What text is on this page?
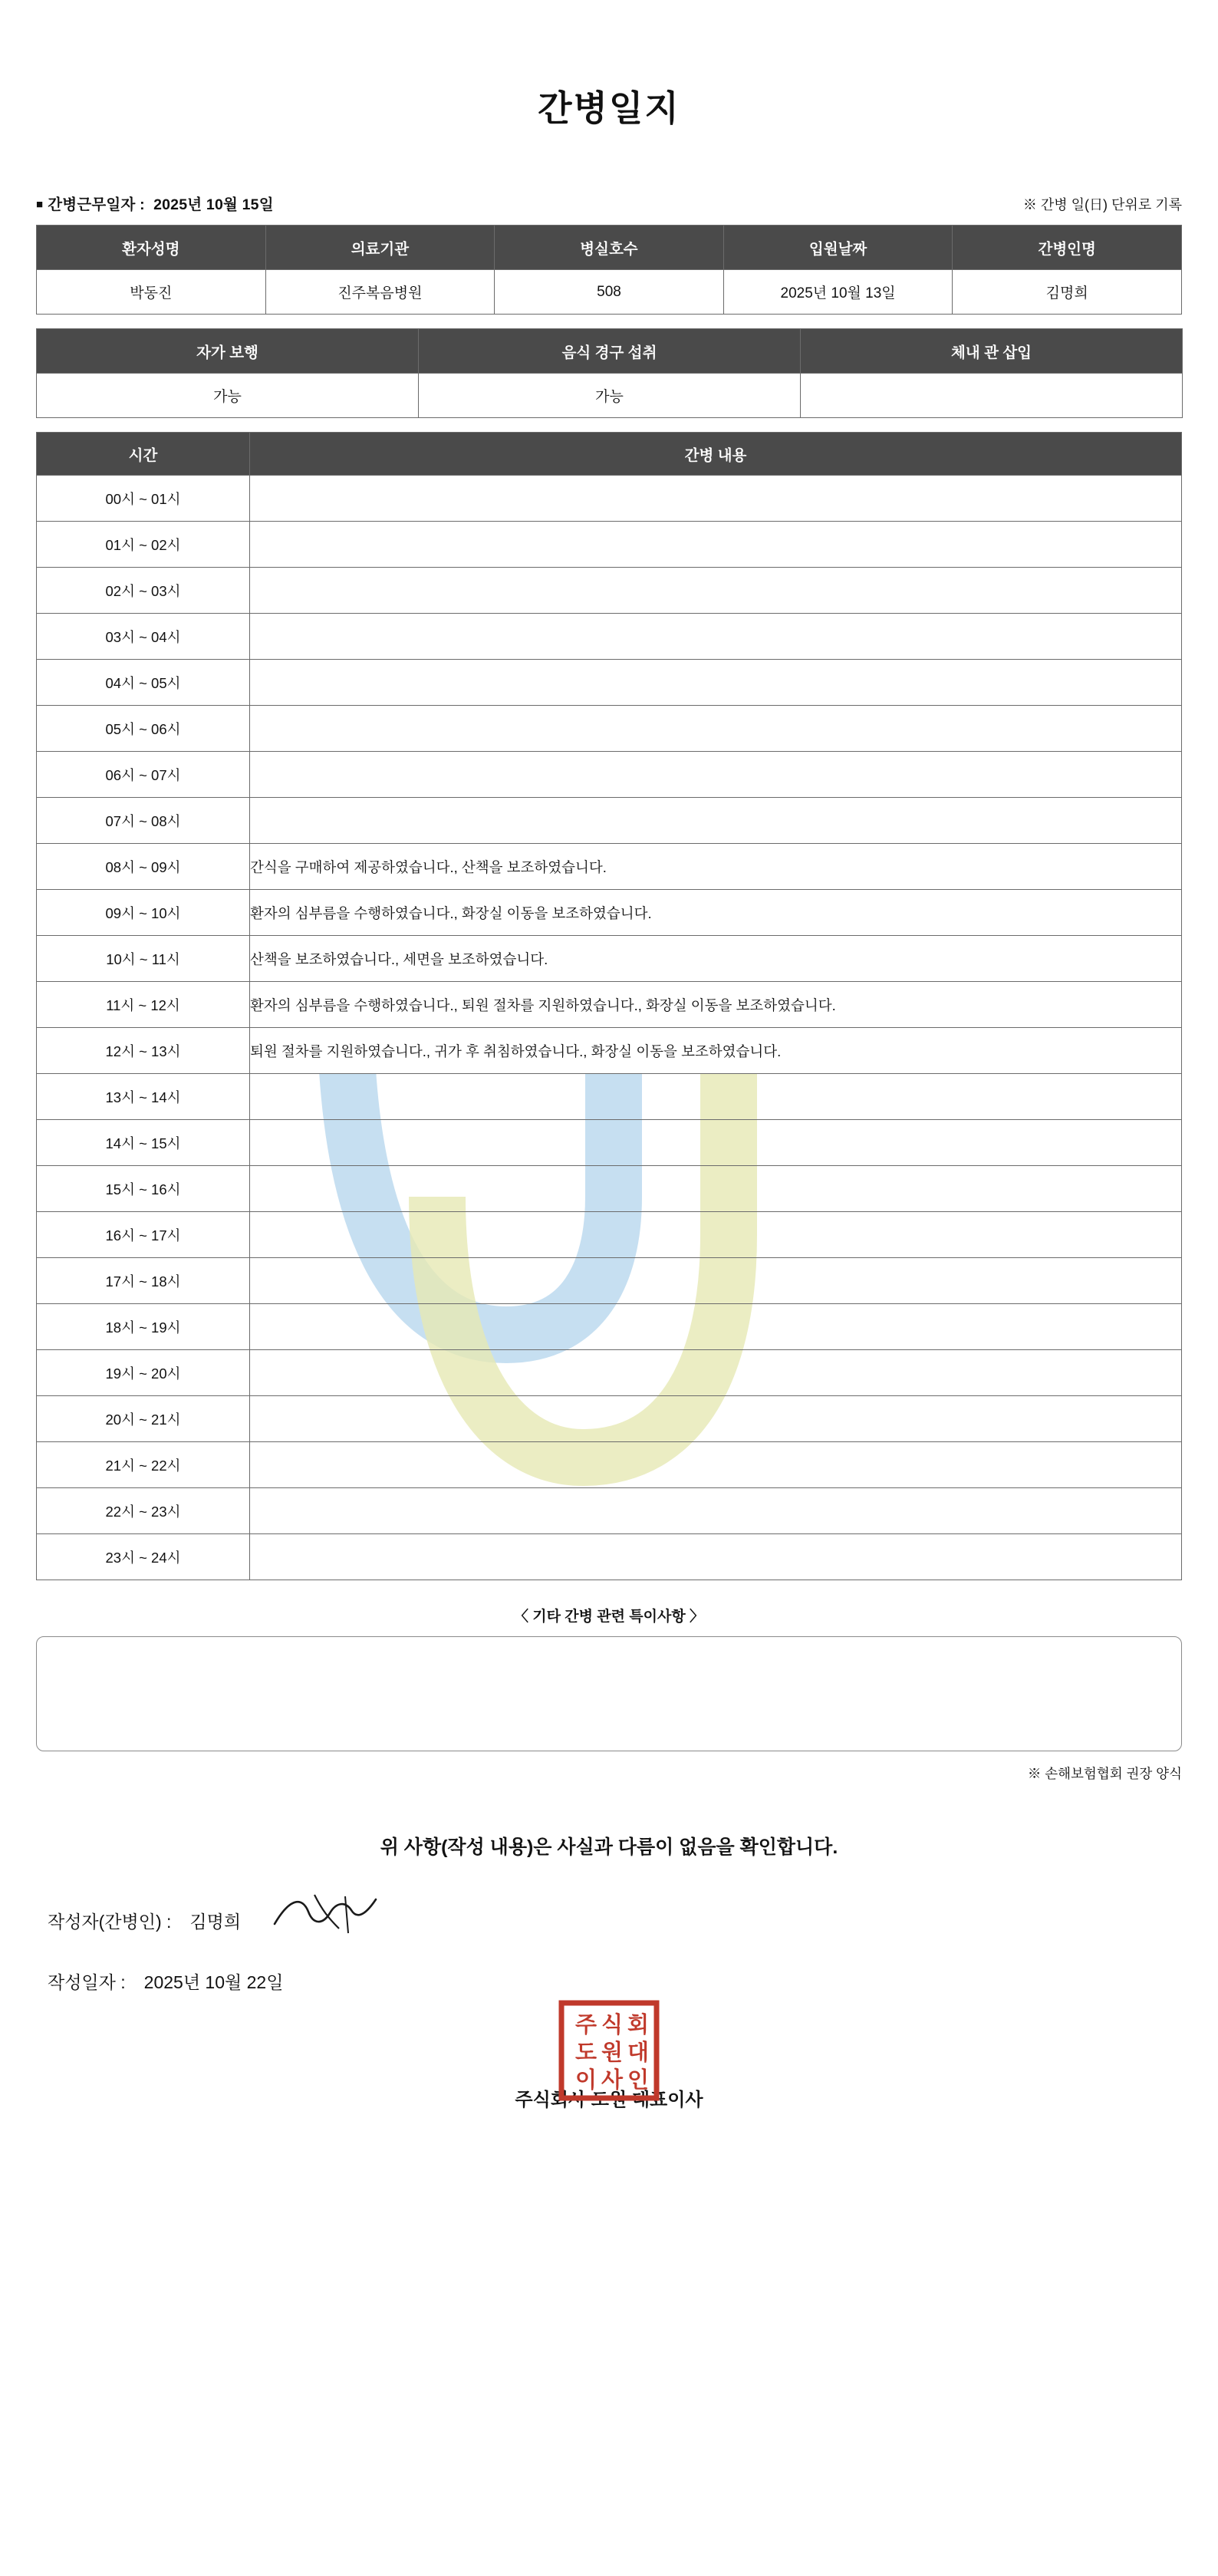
간병일지
■ 간병근무일자 : 2025년 10월 15일	※ 간병 일(日) 단위로 기록
환자성명	의료기관	병실호수	입원날짜	간병인명
박동진	진주복음병원	508	2025년 10월 13일	김명희
자가 보행	음식 경구 섭취	체내 관 삽입
가능	가능	
시간	간병 내용
00시 ~ 01시	
01시 ~ 02시	
02시 ~ 03시	
03시 ~ 04시	
04시 ~ 05시	
05시 ~ 06시	
06시 ~ 07시	
07시 ~ 08시	
08시 ~ 09시	간식을 구매하여 제공하였습니다., 산책을 보조하였습니다.
09시 ~ 10시	환자의 심부름을 수행하였습니다., 화장실 이동을 보조하였습니다.
10시 ~ 11시	산책을 보조하였습니다., 세면을 보조하였습니다.
11시 ~ 12시	환자의 심부름을 수행하였습니다., 퇴원 절차를 지원하였습니다., 화장실 이동을 보조하였습니다.
12시 ~ 13시	퇴원 절차를 지원하였습니다., 귀가 후 취침하였습니다., 화장실 이동을 보조하였습니다.
13시 ~ 14시	
14시 ~ 15시	
15시 ~ 16시	
16시 ~ 17시	
17시 ~ 18시	
18시 ~ 19시	
19시 ~ 20시	
20시 ~ 21시	
21시 ~ 22시	
22시 ~ 23시	
23시 ~ 24시	
〈 기타 간병 관련 특이사항 〉
※ 손해보험협회 권장 양식
위 사항(작성 내용)은 사실과 다름이 없음을 확인합니다.
작성자(간병인) : 김명희
작성일자 : 2025년 10월 22일
주 식 회
도 원 대
이 사 인
주식회사 도원 대표이사
